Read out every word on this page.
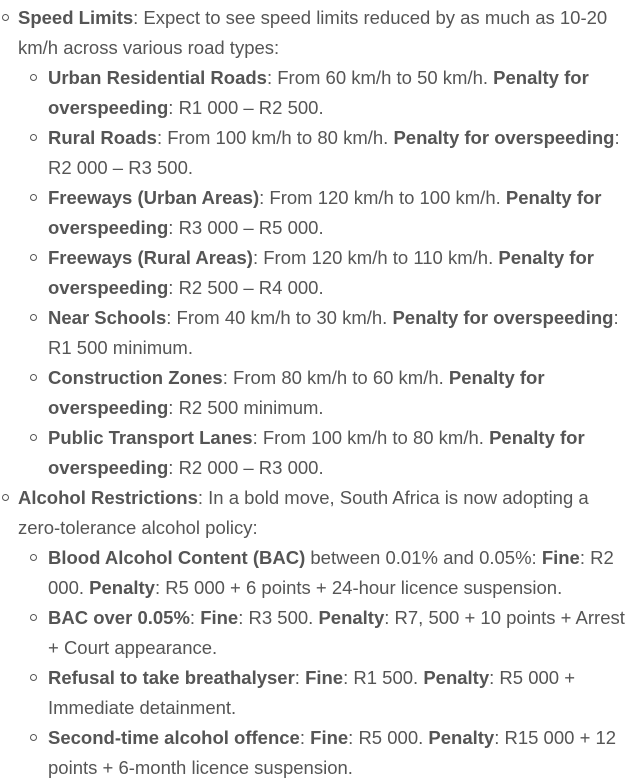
Speed Limits: Expect to see speed limits reduced by as much as 10-20 km/h across various road types:
Urban Residential Roads: From 60 km/h to 50 km/h. Penalty for overspeeding: R1 000 – R2 500.
Rural Roads: From 100 km/h to 80 km/h. Penalty for overspeeding: R2 000 – R3 500.
Freeways (Urban Areas): From 120 km/h to 100 km/h. Penalty for overspeeding: R3 000 – R5 000.
Freeways (Rural Areas): From 120 km/h to 110 km/h. Penalty for overspeeding: R2 500 – R4 000.
Near Schools: From 40 km/h to 30 km/h. Penalty for overspeeding: R1 500 minimum.
Construction Zones: From 80 km/h to 60 km/h. Penalty for overspeeding: R2 500 minimum.
Public Transport Lanes: From 100 km/h to 80 km/h. Penalty for overspeeding: R2 000 – R3 000.
Alcohol Restrictions: In a bold move, South Africa is now adopting a zero-tolerance alcohol policy:
Blood Alcohol Content (BAC) between 0.01% and 0.05%: Fine: R2 000. Penalty: R5 000 + 6 points + 24-hour licence suspension.
BAC over 0.05%: Fine: R3 500. Penalty: R7, 500 + 10 points + Arrest + Court appearance.
Refusal to take breathalyser: Fine: R1 500. Penalty: R5 000 + Immediate detainment.
Second-time alcohol offence: Fine: R5 000. Penalty: R15 000 + 12 points + 6-month licence suspension.
